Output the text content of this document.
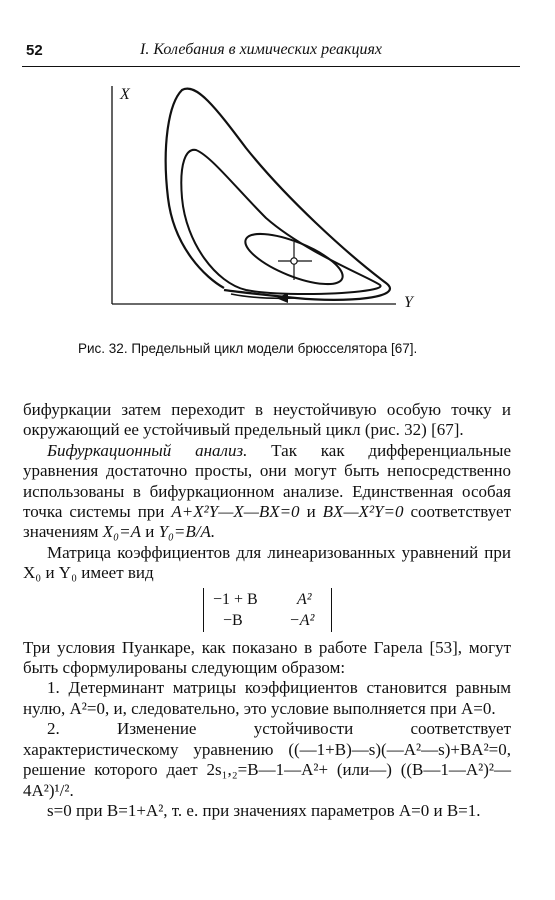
52	I. Колебания в химических реакциях
X
Y
Рис. 32. Предельный цикл модели брюсселятора [67].

бифуркации затем переходит в неустойчивую особую точку и окружающий ее устойчивый предельный цикл (рис. 32) [67].

Бифуркационный анализ. Так как дифференциальные уравнения достаточно просты, они могут быть непосредственно использованы в бифуркационном анализе. Единственная особая точка системы при A+X²Y—X—BX=0 и BX—X²Y=0 соответствует значениям X₀=A и Y₀=B/A.

Матрица коэффициентов для линеаризованных уравнений при X₀ и Y₀ имеет вид

−1 + B A²
−B	−A²

Три условия Пуанкаре, как показано в работе Гарела [53], могут быть сформулированы следующим образом:

1. Детерминант матрицы коэффициентов становится равным нулю, A²=0, и, следовательно, это условие выполняется при A=0.

2. Изменение устойчивости соответствует характеристическому уравнению ((—1+B)—s)(—A²—s)+BA²=0, решение которого дает 2s₁,₂=B—1—A²+ (или—) ((B—1—A²)²—4A²)¹/².

s=0 при B=1+A², т. е. при значениях параметров A=0 и B=1.
